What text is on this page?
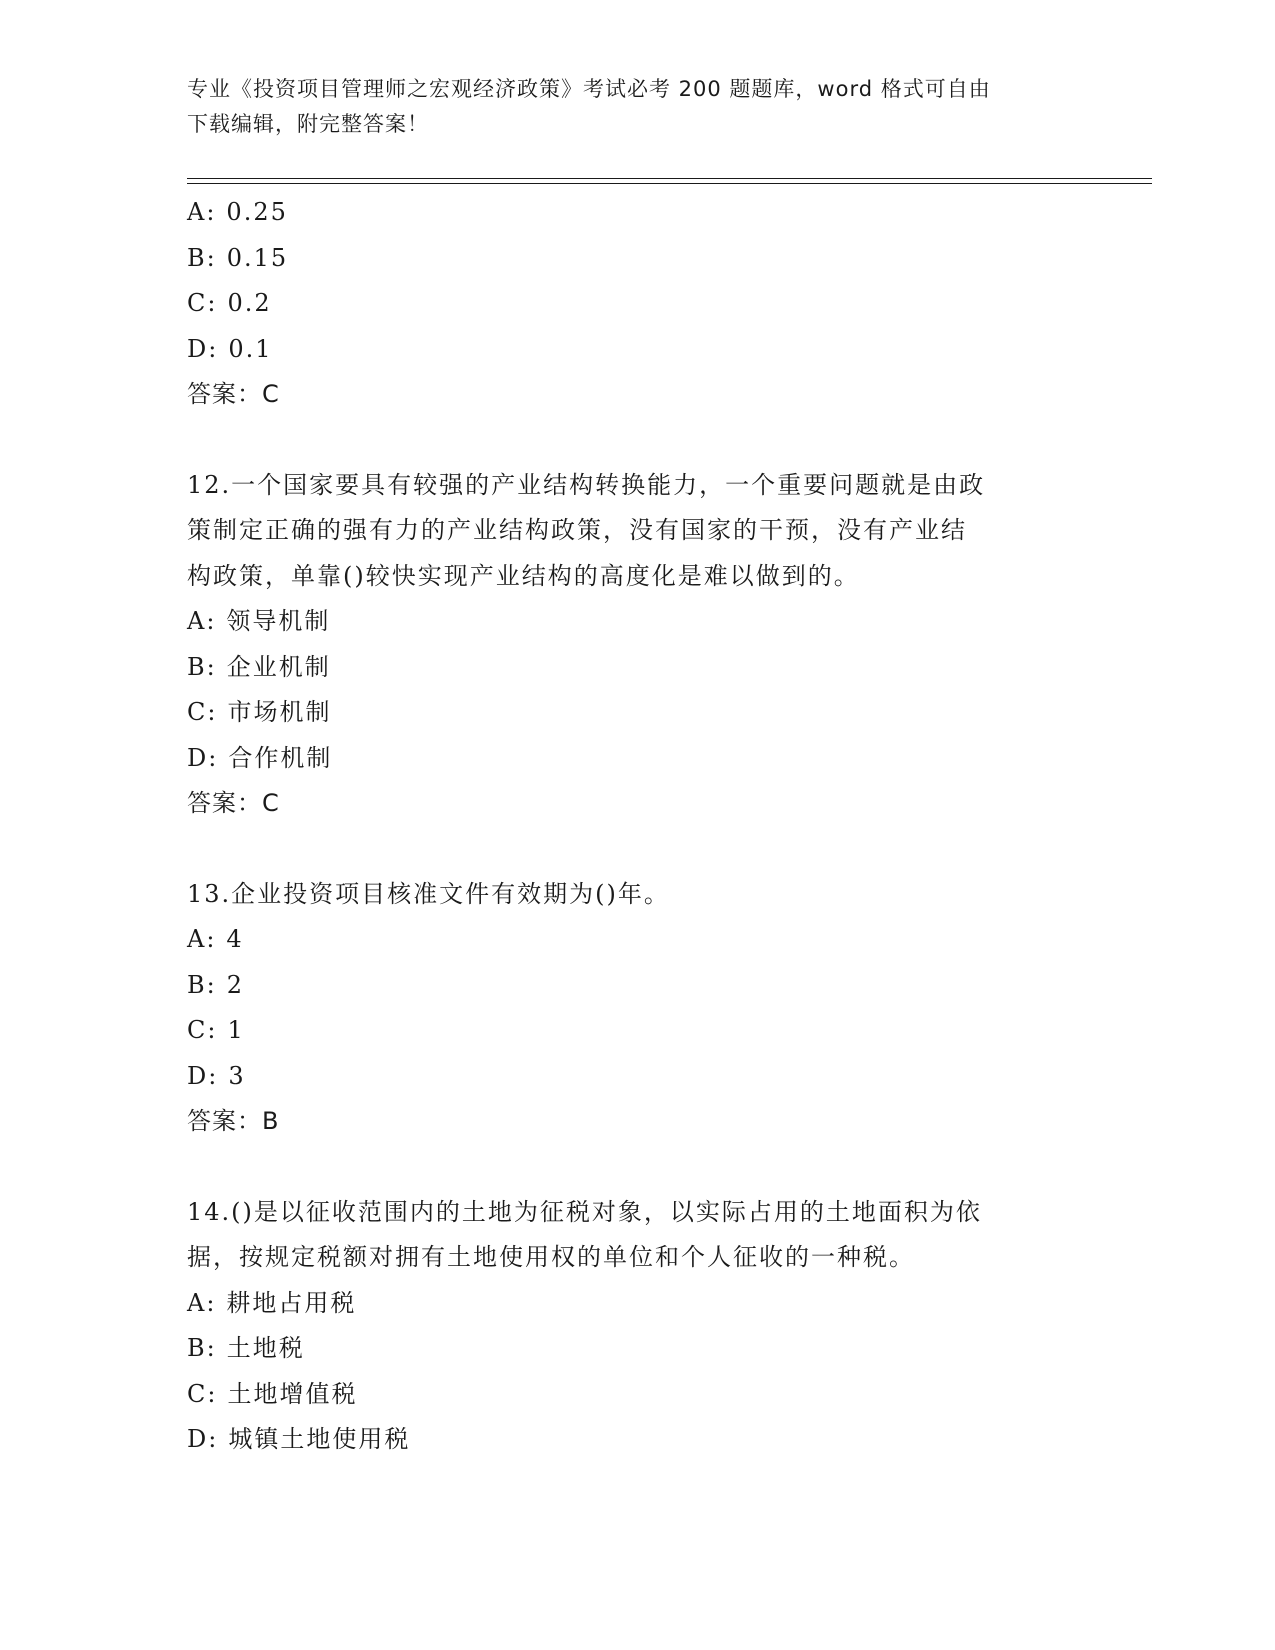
专业《投资项目管理师之宏观经济政策》考试必考 200 题题库，word 格式可自由

下载编辑，附完整答案！

A: 0.25
B: 0.15
C: 0.2
D: 0.1
答案：C
12.一个国家要具有较强的产业结构转换能力，一个重要问题就是由政
策制定正确的强有力的产业结构政策，没有国家的干预，没有产业结
构政策，单靠()较快实现产业结构的高度化是难以做到的。
A: 领导机制
B: 企业机制
C: 市场机制
D: 合作机制
答案：C
13.企业投资项目核准文件有效期为()年。
A: 4
B: 2
C: 1
D: 3
答案：B
14.()是以征收范围内的土地为征税对象，以实际占用的土地面积为依
据，按规定税额对拥有土地使用权的单位和个人征收的一种税。
A: 耕地占用税
B: 土地税
C: 土地增值税
D: 城镇土地使用税
